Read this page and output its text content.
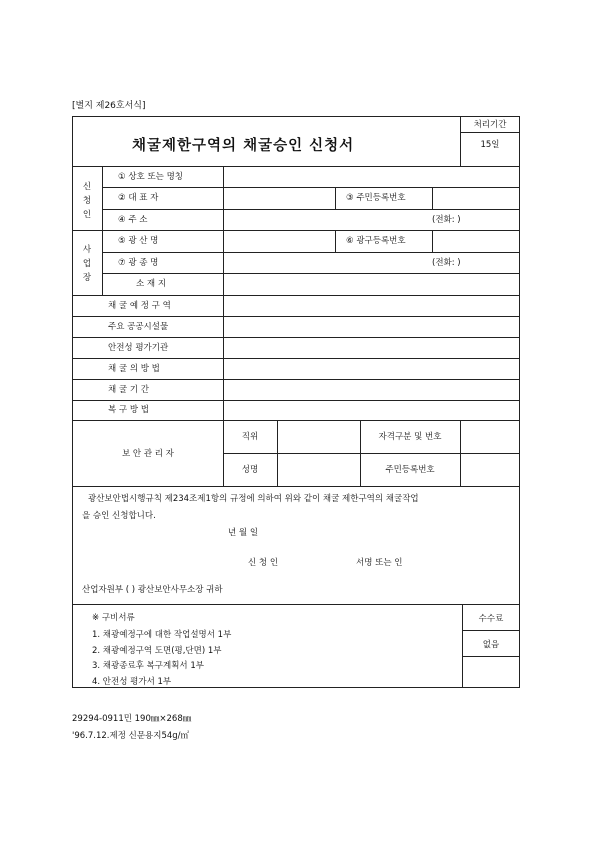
[별지 제26호서식]
채굴제한구역의 채굴승인 신청서
처리기간
15일
신
청
인
① 상호 또는 명칭
② 대 표 자	③ 주민등록번호
④ 주 소	(전화: )
사
업
장
⑤ 광 산 명	⑥ 광구등록번호
⑦ 광 종 명	(전화: )
소 재 지
채 굴 예 정 구 역
주요 공공시설물
안전성 평가기관
채 굴 의 방 법
채 굴 기 간
복 구 방 법
보 안 관 리 자
직위	자격구분 및 번호
성명	주민등록번호
광산보안법시행규칙 제234조제1항의 규정에 의하여 위와 같이 채굴 제한구역의 채굴작업
을 승인 신청합니다.
년 월 일
신 청 인	서명 또는 인
산업자원부 ( ) 광산보안사무소장 귀하
※ 구비서류
1. 채광예정구에 대한 작업설명서 1부
2. 채광예정구역 도면(평,단면) 1부
3. 채광종료후 복구계획서 1부
4. 안전성 평가서 1부
수수료
없음
29294-0911민 190㎜×268㎜
'96.7.12.제정 신문용지54g/㎡
